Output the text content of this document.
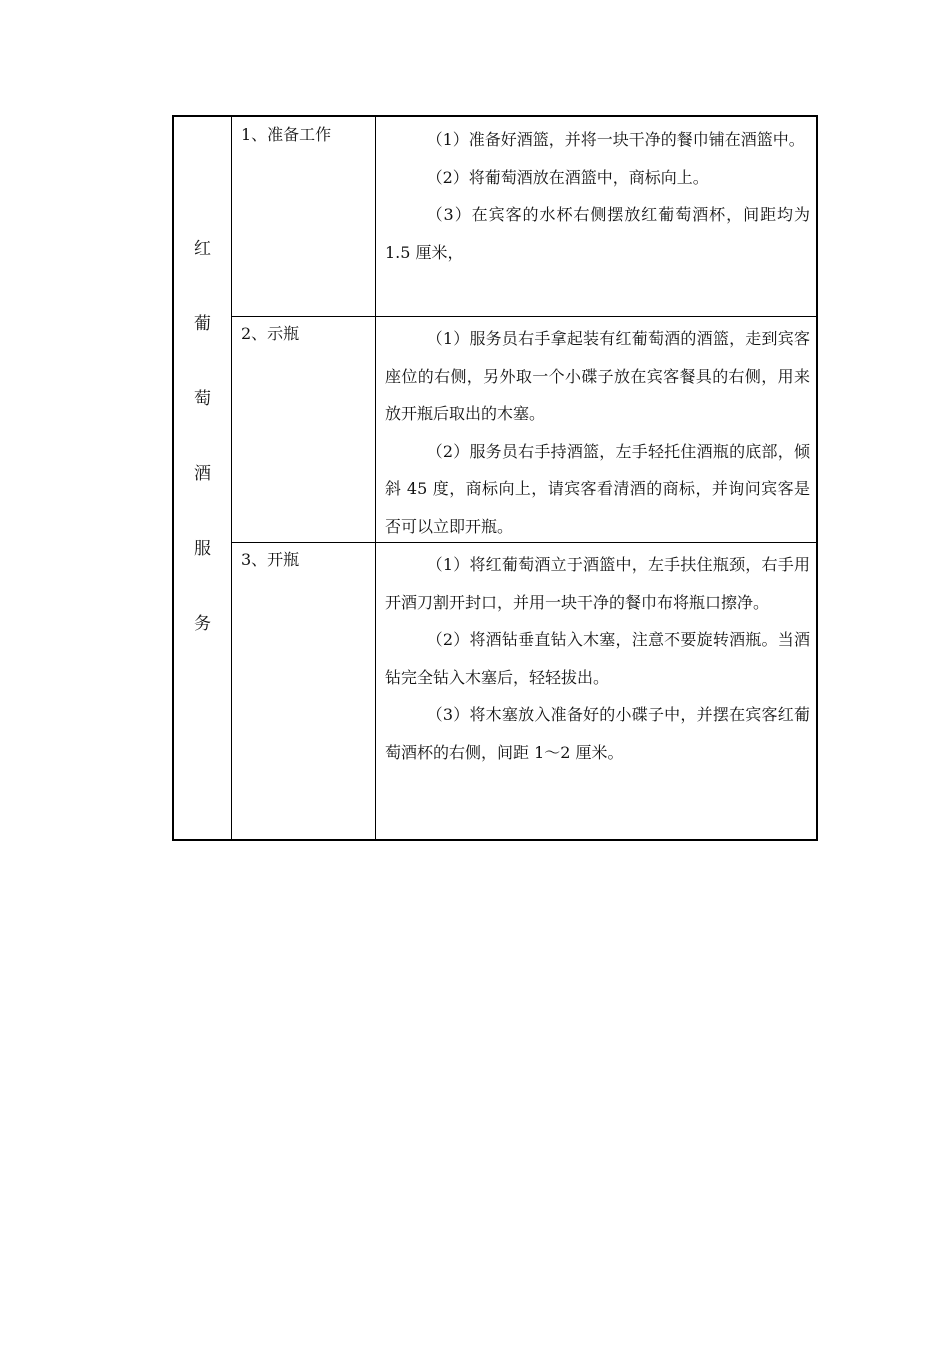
红
葡
萄
酒
服
务
1、准备工作	（1）准备好酒篮，并将一块干净的餐巾铺在酒篮中。

（2）将葡萄酒放在酒篮中，商标向上。

（3）在宾客的水杯右侧摆放红葡萄酒杯，间距均为 1.5 厘米，

2、示瓶	（1）服务员右手拿起装有红葡萄酒的酒篮，走到宾客座位的右侧，另外取一个小碟子放在宾客餐具的右侧，用来放开瓶后取出的木塞。

（2）服务员右手持酒篮，左手轻托住酒瓶的底部，倾斜 45 度，商标向上，请宾客看清酒的商标，并询问宾客是否可以立即开瓶。

3、开瓶	（1）将红葡萄酒立于酒篮中，左手扶住瓶颈，右手用开酒刀割开封口，并用一块干净的餐巾布将瓶口擦净。

（2）将酒钻垂直钻入木塞，注意不要旋转酒瓶。当酒钻完全钻入木塞后，轻轻拔出。

（3）将木塞放入准备好的小碟子中，并摆在宾客红葡萄酒杯的右侧，间距 1～2 厘米。
